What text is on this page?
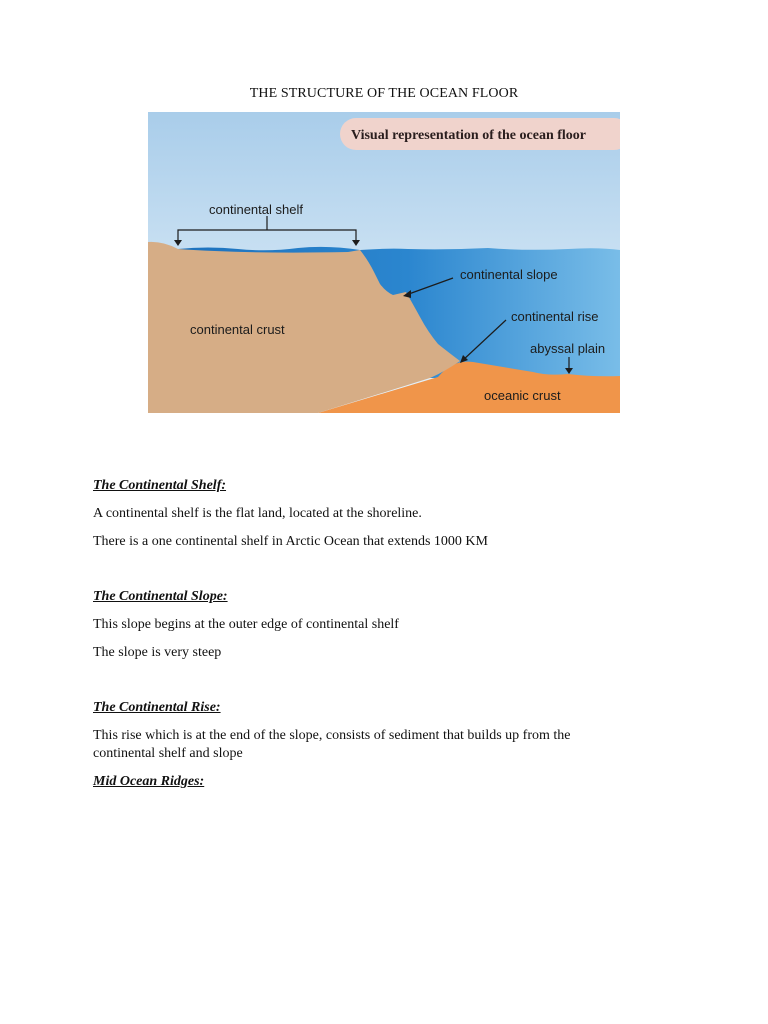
THE STRUCTURE OF THE OCEAN FLOOR
Visual representation of the ocean floor
continental shelf
continental crust
continental slope
continental rise
abyssal plain
oceanic crust

The Continental Shelf:

A continental shelf is the flat land, located at the shoreline.

There is a one continental shelf in Arctic Ocean that extends 1000 KM

The Continental Slope:

This slope begins at the outer edge of continental shelf

The slope is very steep

The Continental Rise:

This rise which is at the end of the slope, consists of sediment that builds up from the continental shelf and slope

Mid Ocean Ridges:
